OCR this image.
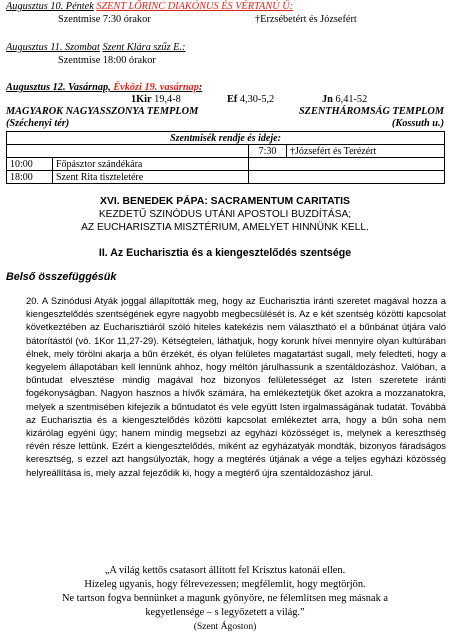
Augusztus 10. Péntek SZENT LŐRINC DIAKÓNUS ÉS VÉRTANÚ Ü:
Szentmise 7:30 órakor	†Erzsébetért és Józsefért
Augusztus 11. Szombat Szent Klára szűz E.:
Szentmise 18:00 órakor
Augusztus 12. Vasárnap, Évközi 19. vasárnap:
1Kir 19,4-8	Ef 4,30-5,2	Jn 6,41-52
MAGYAROK NAGYASSZONYA TEMPLOM	SZENTHÁROMSÁG TEMPLOM
(Széchenyi tér)	(Kossuth u.)
Szentmisék rendje és ideje:			
		7:30	†Józsefért és Terézért
10:00	Főpásztor szándékára		
18:00	Szent Rita tiszteletére		
XVI. BENEDEK PÁPA: SACRAMENTUM CARITATIS
KEZDETŰ SZINÓDUS UTÁNI APOSTOLI BUZDÍTÁSA;
AZ EUCHARISZTIA MISZTÉRIUM, AMELYET HINNÜNK KELL.
II. Az Eucharisztia és a kiengesztelődés szentsége
Belső összefüggésük
20. A Szinódusi Atyák joggal állapították meg, hogy az Eucharisztia iránti szeretet magával hozza a kiengesztelődés szentségének egyre nagyobb megbecsülését is. Az e két szentség közötti kapcsolat következtében az Eucharisztiáról szóló hiteles katekézis nem választható el a bűnbánat útjára való bátorítástól (vö. 1Kor 11,27-29). Kétségtelen, láthatjuk, hogy korunk hívei mennyire olyan kultúrában élnek, mely törölni akarja a bűn érzékét, és olyan felületes magatartást sugall, mely feledteti, hogy a kegyelem állapotában kell lennünk ahhoz, hogy méltón járulhassunk a szentáldozáshoz. Valóban, a bűntudat elvesztése mindig magával hoz bizonyos felületességet az Isten szeretete iránti fogékonyságban. Nagyon hasznos a hívők számára, ha emlékeztetjük őket azokra a mozzanatokra, melyek a szentmisében kifejezik a bűntudatot és vele együtt Isten irgalmasságának tudatát. Továbbá az Eucharisztia és a kiengesztelődés közötti kapcsolat emlékeztet arra, hogy a bűn soha nem kizárólag egyéni ügy; hanem mindig megsebzi az egyházi közösséget is, melynek a kereszthség révén része lettünk. Ezért a kiengesztelődés, miként az egyházatyák mondták, bizonyos fáradságos keresztség, s ezzel azt hangsúlyozták, hogy a megtérés útjának a vége a teljes egyházi közösség helyreállítása is, mely azzal fejeződik ki, hogy a megtérő újra szentáldozáshoz járul.
„A világ kettős csatasort állított fel Krisztus katonái ellen.
Hízeleg ugyanis, hogy félrevezessen; megfélemlít, hogy megtörjön.
Ne tartson fogva bennünket a magunk gyönyöre, ne félemlítsen meg másnak a
kegyetlensége – s legyőzetett a világ.”
(Szent Ágoston)
